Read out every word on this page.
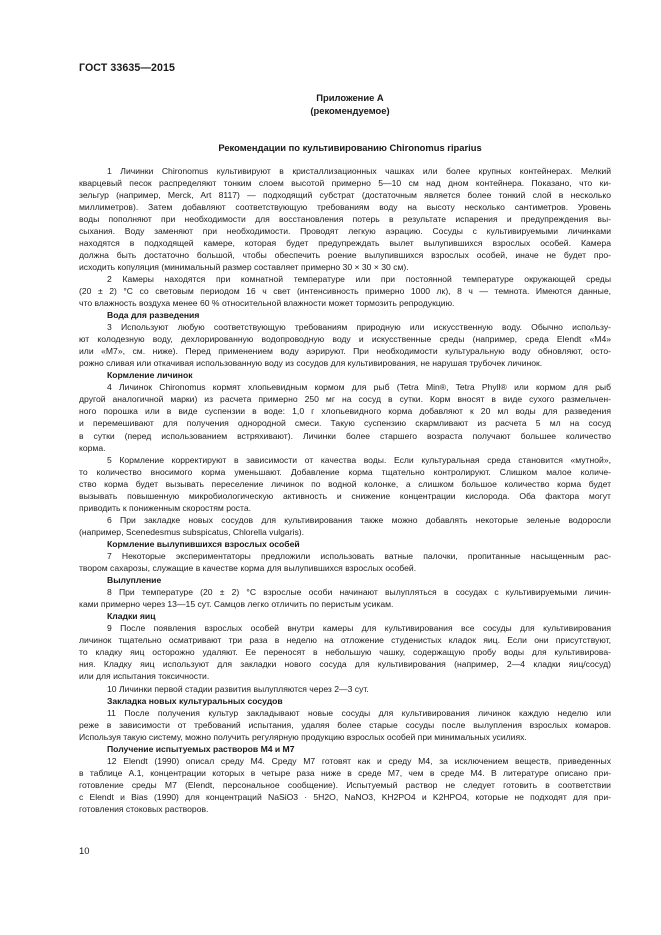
ГОСТ 33635—2015
Приложение А
(рекомендуемое)
Рекомендации по культивированию Chironomus riparius

1 Личинки Chironomus культивируют в кристаллизационных чашках или более крупных контейнерах. Мелкий

кварцевый песок распределяют тонким слоем высотой примерно 5—10 см над дном контейнера. Показано, что ки-

зельгур (например, Merck, Art 8117) — подходящий субстрат (достаточным является более тонкий слой в несколько

миллиметров). Затем добавляют соответствующую требованиям воду на высоту несколько сантиметров. Уровень

воды пополняют при необходимости для восстановления потерь в результате испарения и предупреждения вы-

сыхания. Воду заменяют при необходимости. Проводят легкую аэрацию. Сосуды с культивируемыми личинками

находятся в подходящей камере, которая будет предупреждать вылет вылупившихся взрослых особей. Камера

должна быть достаточно большой, чтобы обеспечить роение вылупившихся взрослых особей, иначе не будет про-

исходить копуляция (минимальный размер составляет примерно 30 × 30 × 30 см).

2 Камеры находятся при комнатной температуре или при постоянной температуре окружающей среды

(20 ± 2) °С со световым периодом 16 ч свет (интенсивность примерно 1000 лк), 8 ч — темнота. Имеются данные,

что влажность воздуха менее 60 % относительной влажности может тормозить репродукцию.

Вода для разведения

3 Используют любую соответствующую требованиям природную или искусственную воду. Обычно использу-

ют колодезную воду, дехлорированную водопроводную воду и искусственные среды (например, среда Elendt «М4»

или «М7», см. ниже). Перед применением воду аэрируют. При необходимости культуральную воду обновляют, осто-

рожно сливая или откачивая использованную воду из сосудов для культивирования, не нарушая трубочек личинок.

Кормление личинок

4 Личинок Chironomus кормят хлопьевидным кормом для рыб (Tetra Min®, Tetra Phyll® или кормом для рыб

другой аналогичной марки) из расчета примерно 250 мг на сосуд в сутки. Корм вносят в виде сухого размельчен-

ного порошка или в виде суспензии в воде: 1,0 г хлопьевидного корма добавляют к 20 мл воды для разведения

и перемешивают для получения однородной смеси. Такую суспензию скармливают из расчета 5 мл на сосуд

в сутки (перед использованием встряхивают). Личинки более старшего возраста получают большее количество

корма.

5 Кормление корректируют в зависимости от качества воды. Если культуральная среда становится «мутной»,

то количество вносимого корма уменьшают. Добавление корма тщательно контролируют. Слишком малое количе-

ство корма будет вызывать переселение личинок по водной колонке, а слишком большое количество корма будет

вызывать повышенную микробиологическую активность и снижение концентрации кислорода. Оба фактора могут

приводить к пониженным скоростям роста.

6 При закладке новых сосудов для культивирования также можно добавлять некоторые зеленые водоросли

(например, Scenedesmus subspicatus, Chlorella vulgaris).

Кормление вылупившихся взрослых особей

7 Некоторые экспериментаторы предложили использовать ватные палочки, пропитанные насыщенным рас-

твором сахарозы, служащие в качестве корма для вылупившихся взрослых особей.

Вылупление

8 При температуре (20 ± 2) °С взрослые особи начинают вылупляться в сосудах с культивируемыми личин-

ками примерно через 13—15 сут. Самцов легко отличить по перистым усикам.

Кладки яиц

9 После появления взрослых особей внутри камеры для культивирования все сосуды для культивирования

личинок тщательно осматривают три раза в неделю на отложение студенистых кладок яиц. Если они присутствуют,

то кладку яиц осторожно удаляют. Ее переносят в небольшую чашку, содержащую пробу воды для культивирова-

ния. Кладку яиц используют для закладки нового сосуда для культивирования (например, 2—4 кладки яиц/сосуд)

или для испытания токсичности.

10 Личинки первой стадии развития вылупляются через 2—3 сут.

Закладка новых культуральных сосудов

11 После получения культур закладывают новые сосуды для культивирования личинок каждую неделю или

реже в зависимости от требований испытания, удаляя более старые сосуды после вылупления взрослых комаров.

Используя такую систему, можно получить регулярную продукцию взрослых особей при минимальных усилиях.

Получение испытуемых растворов М4 и М7

12 Elendt (1990) описал среду М4. Среду М7 готовят как и среду М4, за исключением веществ, приведенных

в таблице А.1, концентрации которых в четыре раза ниже в среде М7, чем в среде М4. В литературе описано при-

готовление среды М7 (Elendt, персональное сообщение). Испытуемый раствор не следует готовить в соответствии

с Elendt и Bias (1990) для концентраций NaSiO3 · 5H2O, NaNO3, KH2PO4 и K2HPO4, которые не подходят для при-

готовления стоковых растворов.

10
